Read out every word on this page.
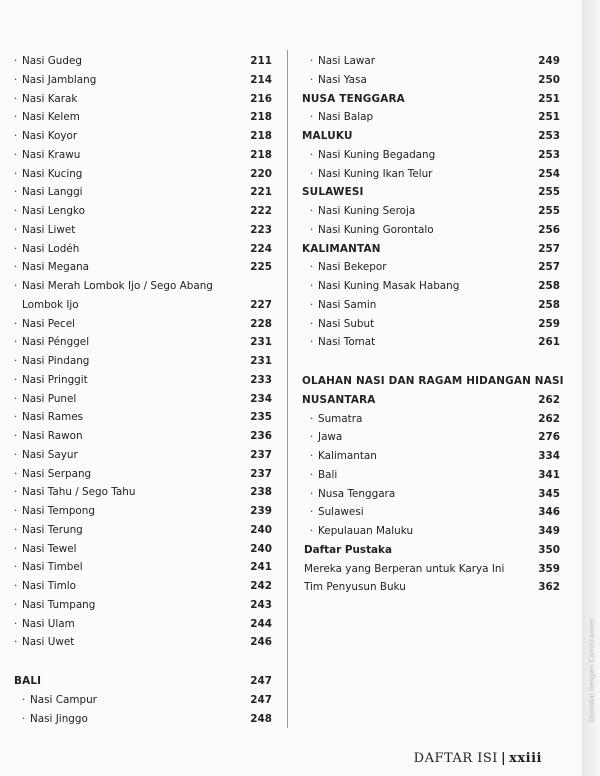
· Nasi Gudeg	211
· Nasi Jamblang	214
· Nasi Karak	216
· Nasi Kelem	218
· Nasi Koyor	218
· Nasi Krawu	218
· Nasi Kucing	220
· Nasi Langgi	221
· Nasi Lengko	222
· Nasi Liwet	223
· Nasi Lodéh	224
· Nasi Megana	225
· Nasi Merah Lombok Ijo / Sego Abang
Lombok Ijo	227
· Nasi Pecel	228
· Nasi Pénggel	231
· Nasi Pindang	231
· Nasi Pringgit	233
· Nasi Punel	234
· Nasi Rames	235
· Nasi Rawon	236
· Nasi Sayur	237
· Nasi Serpang	237
· Nasi Tahu / Sego Tahu	238
· Nasi Tempong	239
· Nasi Terung	240
· Nasi Tewel	240
· Nasi Timbel	241
· Nasi Timlo	242
· Nasi Tumpang	243
· Nasi Ulam	244
· Nasi Uwet	246
BALI	247
· Nasi Campur	247
· Nasi Jinggo	248
· Nasi Lawar	249
· Nasi Yasa	250
NUSA TENGGARA	251
· Nasi Balap	251
MALUKU	253
· Nasi Kuning Begadang	253
· Nasi Kuning Ikan Telur	254
SULAWESI	255
· Nasi Kuning Seroja	255
· Nasi Kuning Gorontalo	256
KALIMANTAN	257
· Nasi Bekepor	257
· Nasi Kuning Masak Habang	258
· Nasi Samin	258
· Nasi Subut	259
· Nasi Tomat	261
OLAHAN NASI DAN RAGAM HIDANGAN NASI
NUSANTARA	262
· Sumatra	262
· Jawa	276
· Kalimantan	334
· Bali	341
· Nusa Tenggara	345
· Sulawesi	346
· Kepulauan Maluku	349
Daftar Pustaka	350
Mereka yang Berperan untuk Karya Ini	359
Tim Penyusun Buku	362
DAFTAR ISI | xxiii
Dipindai dengan CamScanner
